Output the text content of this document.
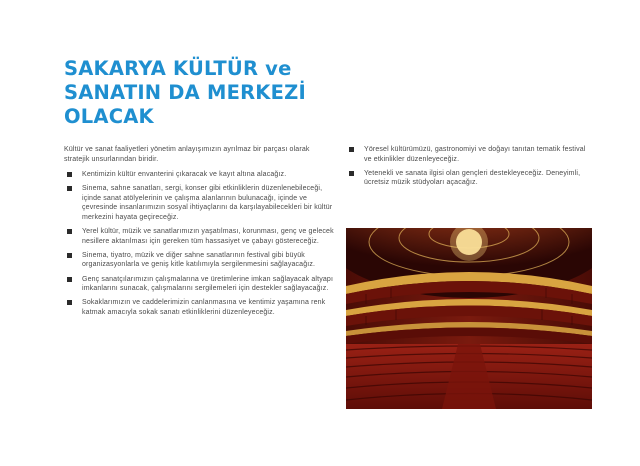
SAKARYA KÜLTÜR ve
SANATIN DA MERKEZİ
OLACAK

Kültür ve sanat faaliyetleri yönetim anlayışımızın ayrılmaz bir parçası olarak stratejik unsurlarından biridir.

Kentimizin kültür envanterini çıkaracak ve kayıt altına alacağız.
Sinema, sahne sanatları, sergi, konser gibi etkinliklerin düzenlenebileceği, içinde sanat atölyelerinin ve çalışma alanlarının bulunacağı, içinde ve çevresinde insanlarımızın sosyal ihtiyaçlarını da karşılayabilecekleri bir kültür merkezini hayata geçireceğiz.
Yerel kültür, müzik ve sanatlarımızın yaşatılması, korunması, genç ve gelecek nesillere aktarılması için gereken tüm hassasiyet ve çabayı göstereceğiz.
Sinema, tiyatro, müzik ve diğer sahne sanatlarının festival gibi büyük organizasyonlarla ve geniş kitle katılımıyla sergilenmesini sağlayacağız.
Genç sanatçılarımızın çalışmalarına ve üretimlerine imkan sağlayacak altyapı imkanlarını sunacak, çalışmalarını sergilemeleri için destekler sağlayacağız.
Sokaklarımızın ve caddelerimizin canlanmasına ve kentimiz yaşamına renk katmak amacıyla sokak sanatı etkinliklerini düzenleyeceğiz.
Yöresel kültürümüzü, gastronomiyi ve doğayı tanıtan tematik festival ve etkinlikler düzenleyeceğiz.
Yetenekli ve sanata ilgisi olan gençleri destekleyeceğiz. Deneyimli, ücretsiz müzik stüdyoları açacağız.
